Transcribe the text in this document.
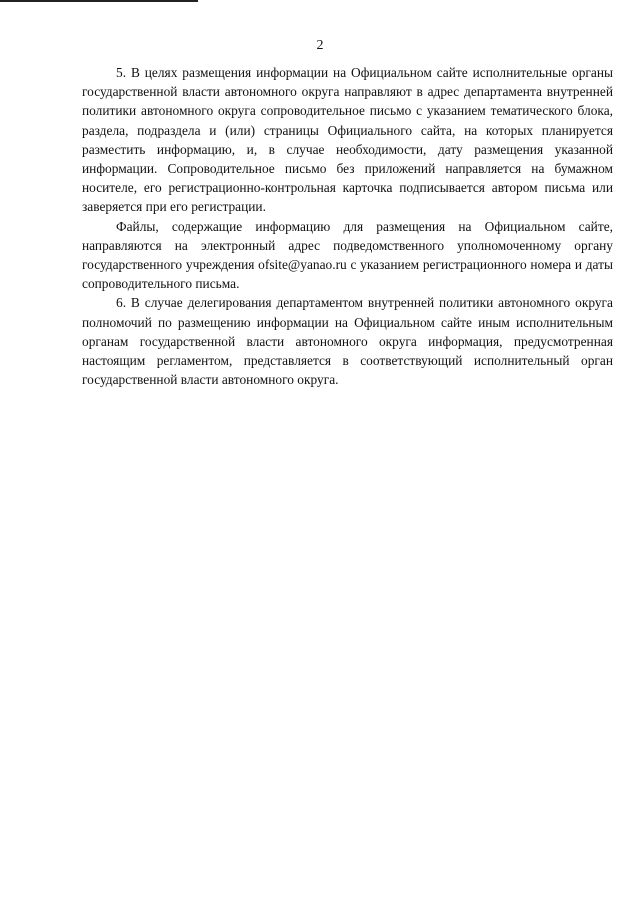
2

5. В целях размещения информации на Официальном сайте исполнительные органы государственной власти автономного округа направляют в адрес департамента внутренней политики автономного округа сопроводительное письмо с указанием тематического блока, раздела, подраздела и (или) страницы Официального сайта, на которых планируется разместить информацию, и, в случае необходимости, дату размещения указанной информации. Сопроводительное письмо без приложений направляется на бумажном носителе, его регистрационно-контрольная карточка подписывается автором письма или заверяется при его регистрации.

Файлы, содержащие информацию для размещения на Официальном сайте, направляются на электронный адрес подведомственного уполномоченному органу государственного учреждения ofsite@yanao.ru с указанием регистрационного номера и даты сопроводительного письма.

6. В случае делегирования департаментом внутренней политики автономного округа полномочий по размещению информации на Официальном сайте иным исполнительным органам государственной власти автономного округа информация, предусмотренная настоящим регламентом, представляется в соответствующий исполнительный орган государственной власти автономного округа.
